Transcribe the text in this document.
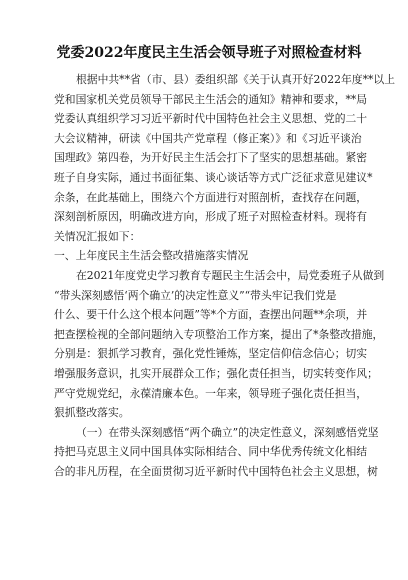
党委2022年度民主生活会领导班子对照检查材料

根据中共**省（市、县）委组织部《关于认真开好2022年度**以上

党和国家机关党员领导干部民主生活会的通知》精神和要求，**局

党委认真组织学习习近平新时代中国特色社会主义思想、党的二十

大会议精神，研读《中国共产党章程（修正案）》和《习近平谈治

国理政》第四卷，为开好民主生活会打下了坚实的思想基础。紧密

班子自身实际，通过书面征集、谈心谈话等方式广泛征求意见建议*

余条，在此基础上，围绕六个方面进行对照剖析，查找存在问题，

深刻剖析原因，明确改进方向，形成了班子对照检查材料。现将有

关情况汇报如下：

一、上年度民主生活会整改措施落实情况

在2021年度党史学习教育专题民主生活会中，局党委班子从做到

“带头深刻感悟‘两个确立’的决定性意义”“带头牢记我们党是

什么、要干什么这个根本问题”等*个方面，查摆出问题**余项，并

把查摆检视的全部问题纳入专项整治工作方案，提出了*条整改措施，

分别是：狠抓学习教育，强化党性锤炼，坚定信仰信念信心；切实

增强服务意识，扎实开展群众工作；强化责任担当，切实转变作风；

严守党规党纪，永葆清廉本色。一年来，领导班子强化责任担当，

狠抓整改落实。

（一）在带头深刻感悟“两个确立”的决定性意义，深刻感悟党坚

持把马克思主义同中国具体实际相结合、同中华优秀传统文化相结

合的非凡历程，在全面贯彻习近平新时代中国特色社会主义思想，树
